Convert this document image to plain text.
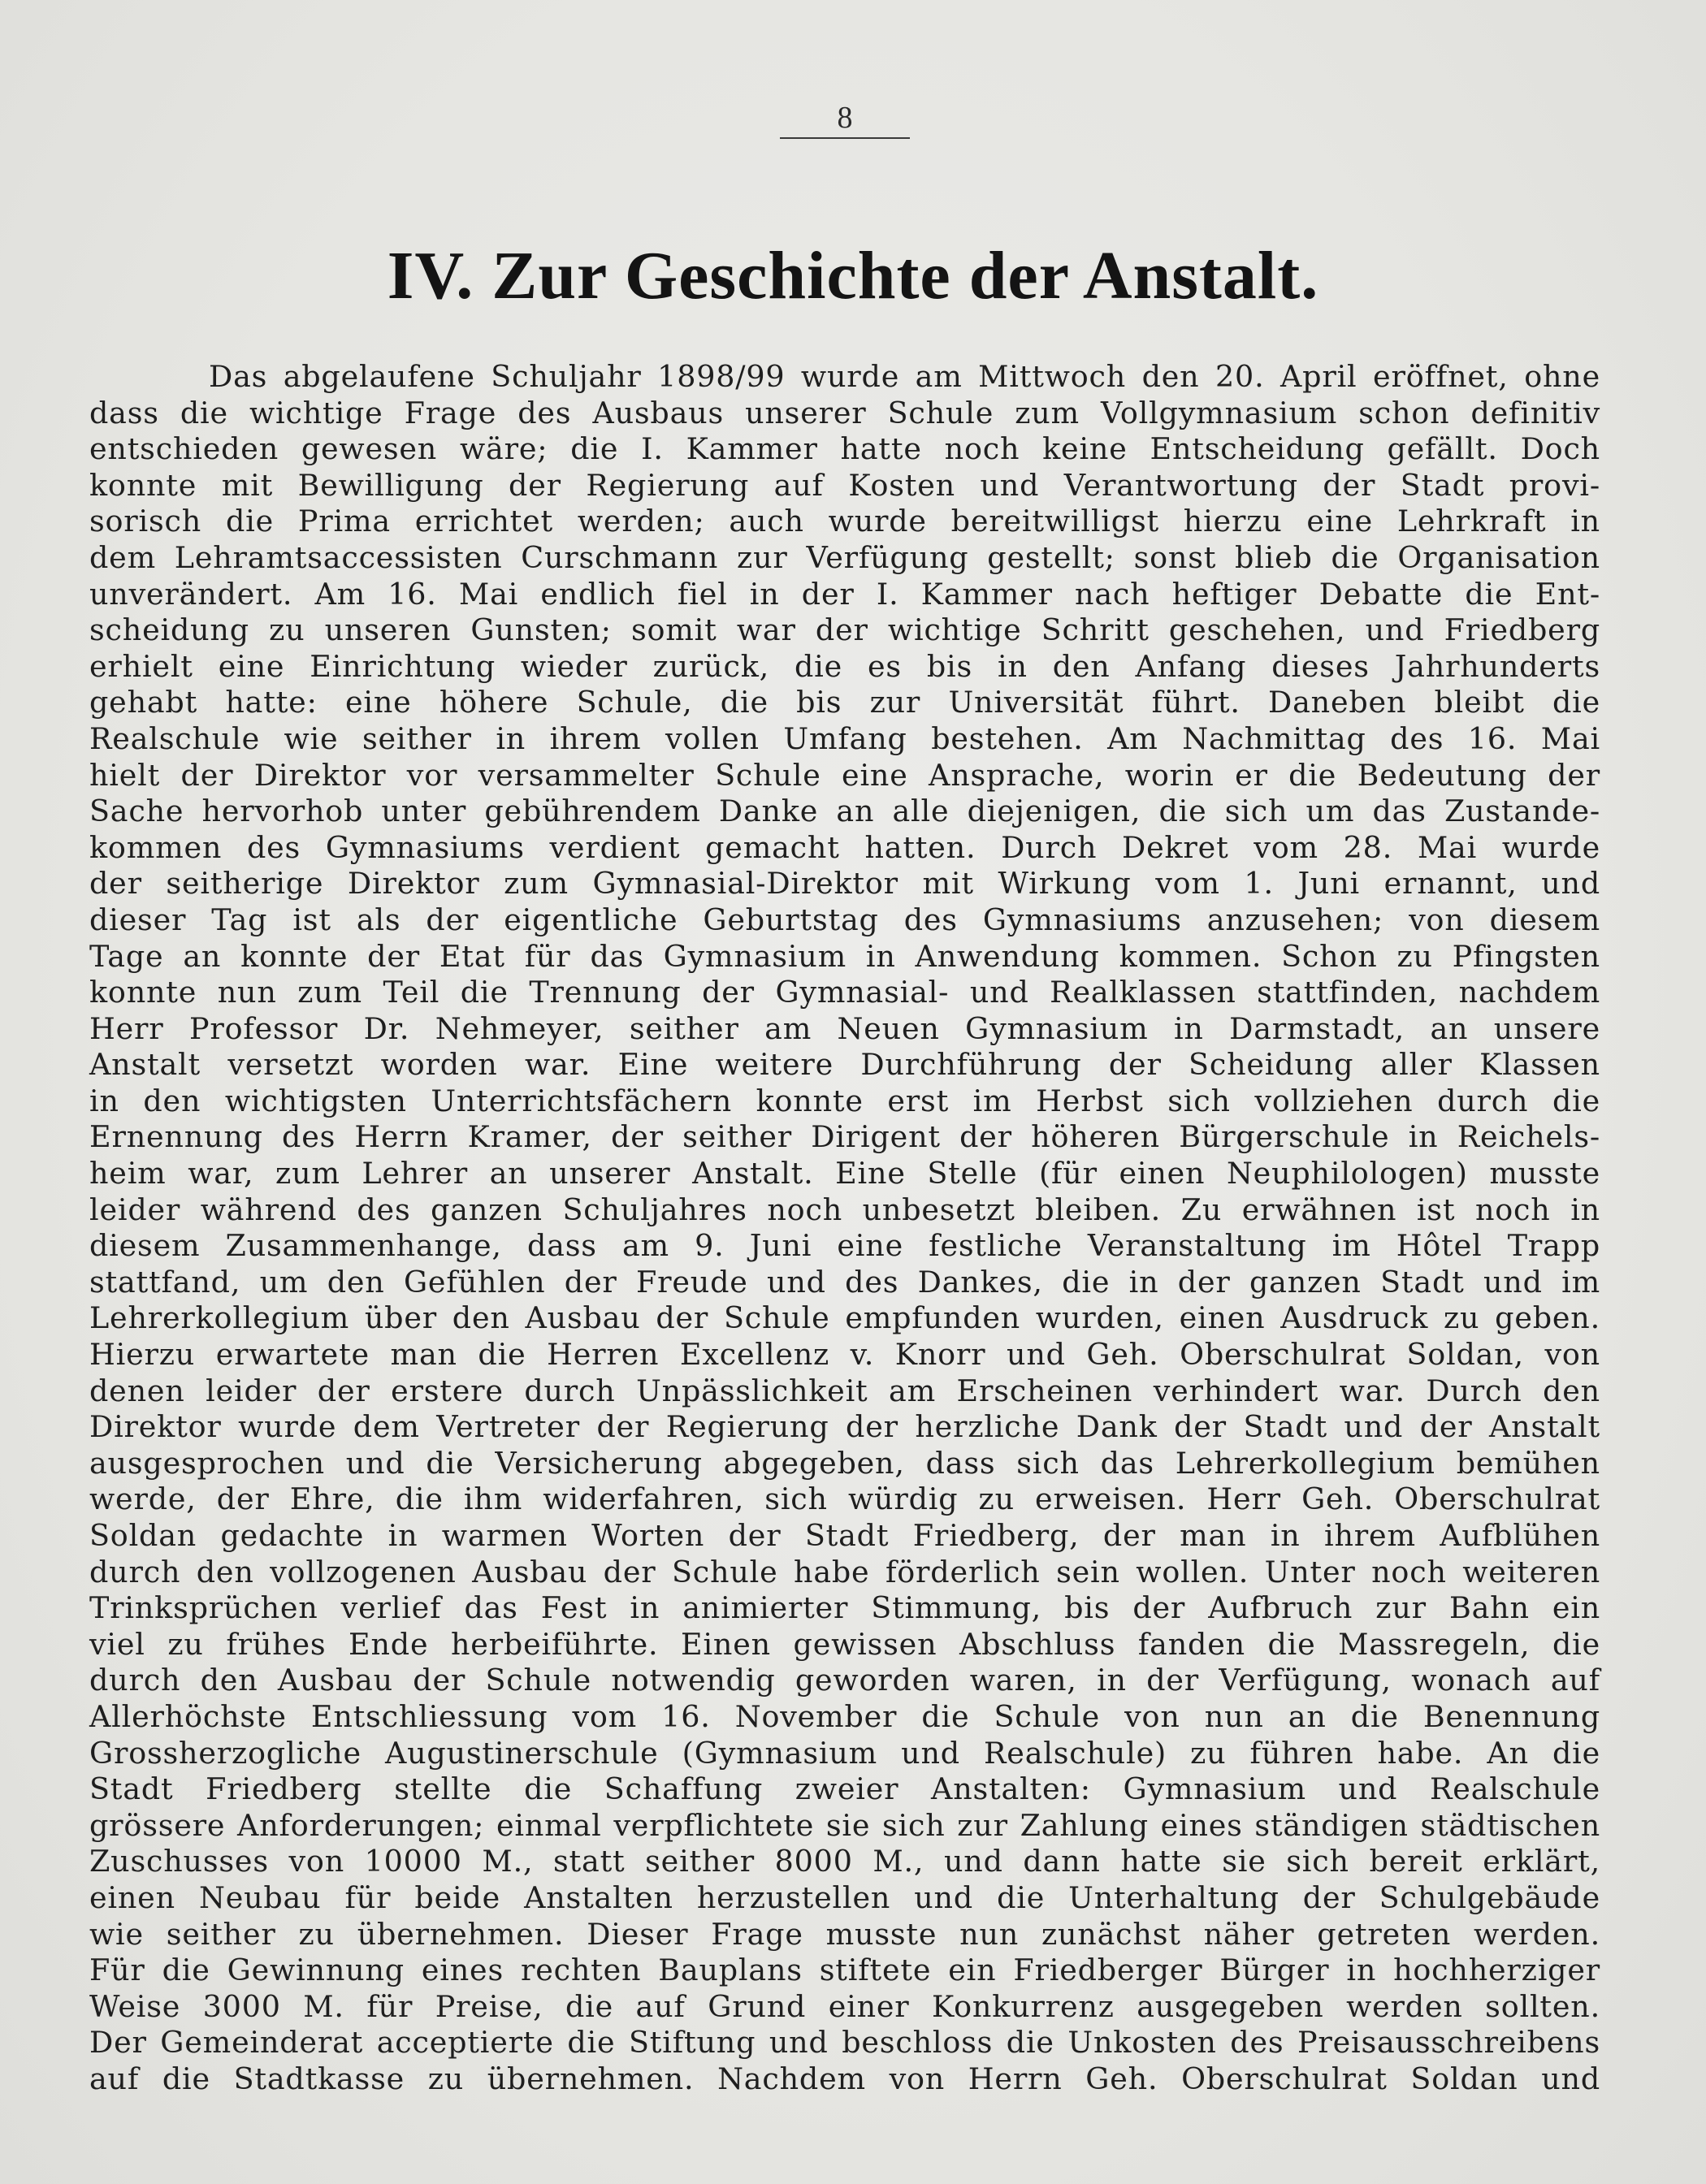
8
IV. Zur Geschichte der Anstalt.
Das abgelaufene Schuljahr 1898/99 wurde am Mittwoch den 20. April eröffnet, ohne
dass die wichtige Frage des Ausbaus unserer Schule zum Vollgymnasium schon definitiv
entschieden gewesen wäre; die I. Kammer hatte noch keine Entscheidung gefällt. Doch
konnte mit Bewilligung der Regierung auf Kosten und Verantwortung der Stadt provi-
sorisch die Prima errichtet werden; auch wurde bereitwilligst hierzu eine Lehrkraft in
dem Lehramtsaccessisten Curschmann zur Verfügung gestellt; sonst blieb die Organisation
unverändert. Am 16. Mai endlich fiel in der I. Kammer nach heftiger Debatte die Ent-
scheidung zu unseren Gunsten; somit war der wichtige Schritt geschehen, und Friedberg
erhielt eine Einrichtung wieder zurück, die es bis in den Anfang dieses Jahrhunderts
gehabt hatte: eine höhere Schule, die bis zur Universität führt. Daneben bleibt die
Realschule wie seither in ihrem vollen Umfang bestehen. Am Nachmittag des 16. Mai
hielt der Direktor vor versammelter Schule eine Ansprache, worin er die Bedeutung der
Sache hervorhob unter gebührendem Danke an alle diejenigen, die sich um das Zustande-
kommen des Gymnasiums verdient gemacht hatten. Durch Dekret vom 28. Mai wurde
der seitherige Direktor zum Gymnasial-Direktor mit Wirkung vom 1. Juni ernannt, und
dieser Tag ist als der eigentliche Geburtstag des Gymnasiums anzusehen; von diesem
Tage an konnte der Etat für das Gymnasium in Anwendung kommen. Schon zu Pfingsten
konnte nun zum Teil die Trennung der Gymnasial- und Realklassen stattfinden, nachdem
Herr Professor Dr. Nehmeyer, seither am Neuen Gymnasium in Darmstadt, an unsere
Anstalt versetzt worden war. Eine weitere Durchführung der Scheidung aller Klassen
in den wichtigsten Unterrichtsfächern konnte erst im Herbst sich vollziehen durch die
Ernennung des Herrn Kramer, der seither Dirigent der höheren Bürgerschule in Reichels-
heim war, zum Lehrer an unserer Anstalt. Eine Stelle (für einen Neuphilologen) musste
leider während des ganzen Schuljahres noch unbesetzt bleiben. Zu erwähnen ist noch in
diesem Zusammenhange, dass am 9. Juni eine festliche Veranstaltung im Hôtel Trapp
stattfand, um den Gefühlen der Freude und des Dankes, die in der ganzen Stadt und im
Lehrerkollegium über den Ausbau der Schule empfunden wurden, einen Ausdruck zu geben.
Hierzu erwartete man die Herren Excellenz v. Knorr und Geh. Oberschulrat Soldan, von
denen leider der erstere durch Unpässlichkeit am Erscheinen verhindert war. Durch den
Direktor wurde dem Vertreter der Regierung der herzliche Dank der Stadt und der Anstalt
ausgesprochen und die Versicherung abgegeben, dass sich das Lehrerkollegium bemühen
werde, der Ehre, die ihm widerfahren, sich würdig zu erweisen. Herr Geh. Oberschulrat
Soldan gedachte in warmen Worten der Stadt Friedberg, der man in ihrem Aufblühen
durch den vollzogenen Ausbau der Schule habe förderlich sein wollen. Unter noch weiteren
Trinksprüchen verlief das Fest in animierter Stimmung, bis der Aufbruch zur Bahn ein
viel zu frühes Ende herbeiführte. Einen gewissen Abschluss fanden die Massregeln, die
durch den Ausbau der Schule notwendig geworden waren, in der Verfügung, wonach auf
Allerhöchste Entschliessung vom 16. November die Schule von nun an die Benennung
Grossherzogliche Augustinerschule (Gymnasium und Realschule) zu führen habe. An die
Stadt Friedberg stellte die Schaffung zweier Anstalten: Gymnasium und Realschule
grössere Anforderungen; einmal verpflichtete sie sich zur Zahlung eines ständigen städtischen
Zuschusses von 10000 M., statt seither 8000 M., und dann hatte sie sich bereit erklärt,
einen Neubau für beide Anstalten herzustellen und die Unterhaltung der Schulgebäude
wie seither zu übernehmen. Dieser Frage musste nun zunächst näher getreten werden.
Für die Gewinnung eines rechten Bauplans stiftete ein Friedberger Bürger in hochherziger
Weise 3000 M. für Preise, die auf Grund einer Konkurrenz ausgegeben werden sollten.
Der Gemeinderat acceptierte die Stiftung und beschloss die Unkosten des Preisausschreibens
auf die Stadtkasse zu übernehmen. Nachdem von Herrn Geh. Oberschulrat Soldan und
